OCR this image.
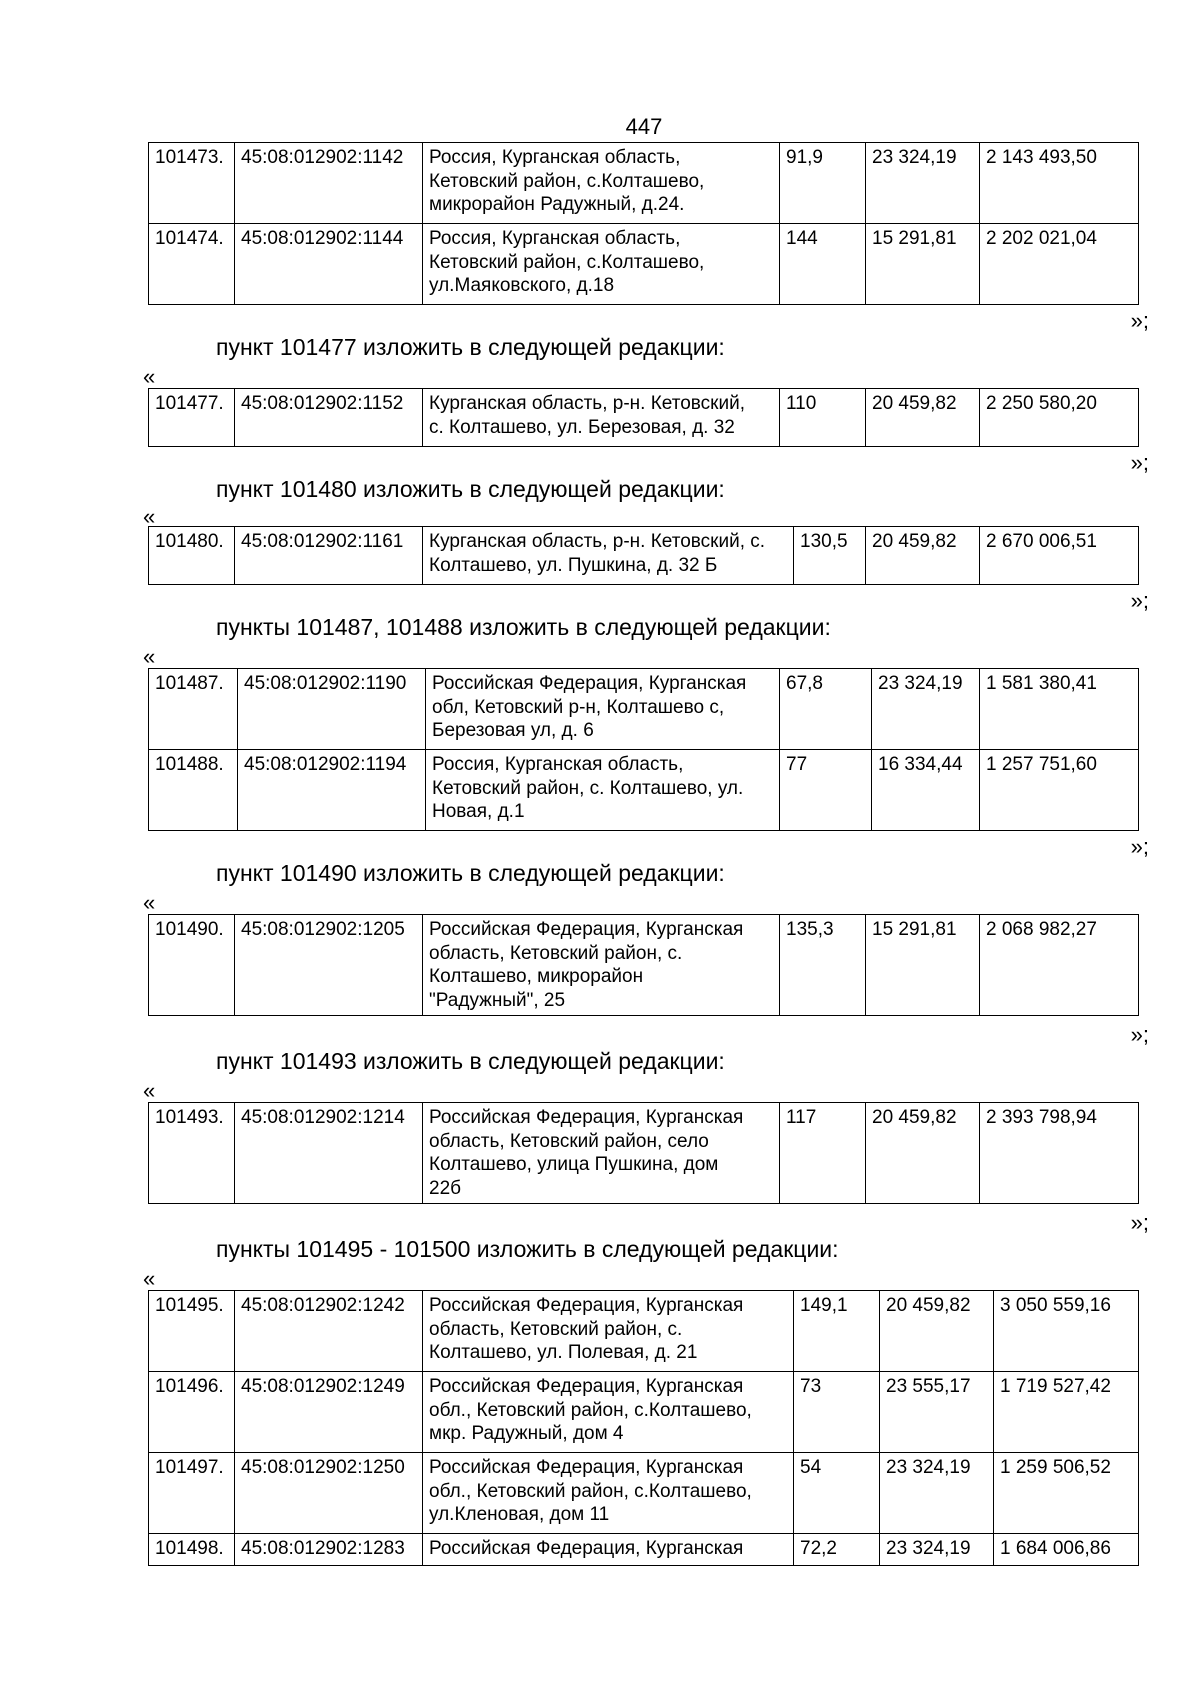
447
101473.	45:08:012902:1142	Россия, Курганская область,
Кетовский район, с.Колташево,
микрорайон Радужный, д.24.	91,9	23 324,19	2 143 493,50
101474.	45:08:012902:1144	Россия, Курганская область,
Кетовский район, с.Колташево,
ул.Маяковского, д.18	144	15 291,81	2 202 021,04
»;
пункт 101477 изложить в следующей редакции:
«
101477.	45:08:012902:1152	Курганская область, р-н. Кетовский,
с. Колташево, ул. Березовая, д. 32
	110	20 459,82	2 250 580,20
»;
пункт 101480 изложить в следующей редакции:
«
101480.	45:08:012902:1161	Курганская область, р-н. Кетовский, с.
Колташево, ул. Пушкина, д. 32 Б
	130,5	20 459,82	2 670 006,51
»;
пункты 101487, 101488 изложить в следующей редакции:
«
101487.	45:08:012902:1190	Российская Федерация, Курганская
обл, Кетовский р-н, Колташево с,
Березовая ул, д. 6	67,8	23 324,19	1 581 380,41
101488.	45:08:012902:1194	Россия, Курганская область,
Кетовский район, с. Колташево, ул.
Новая, д.1	77	16 334,44	1 257 751,60
»;
пункт 101490 изложить в следующей редакции:
«
101490.	45:08:012902:1205	Российская Федерация, Курганская
область, Кетовский район, с.
Колташево, микрорайон
"Радужный", 25
	135,3	15 291,81	2 068 982,27
»;
пункт 101493 изложить в следующей редакции:
«
101493.	45:08:012902:1214	Российская Федерация, Курганская
область, Кетовский район, село
Колташево, улица Пушкина, дом
22б
	117	20 459,82	2 393 798,94
»;
пункты 101495 - 101500 изложить в следующей редакции:
«
101495.	45:08:012902:1242	Российская Федерация, Курганская
область, Кетовский район, с.
Колташево, ул. Полевая, д. 21	149,1	20 459,82	3 050 559,16
101496.	45:08:012902:1249	Российская Федерация, Курганская
обл., Кетовский район, с.Колташево,
мкр. Радужный, дом 4	73	23 555,17	1 719 527,42
101497.	45:08:012902:1250	Российская Федерация, Курганская
обл., Кетовский район, с.Колташево,
ул.Кленовая, дом 11	54	23 324,19	1 259 506,52
101498.	45:08:012902:1283	Российская Федерация, Курганская	72,2	23 324,19	1 684 006,86
